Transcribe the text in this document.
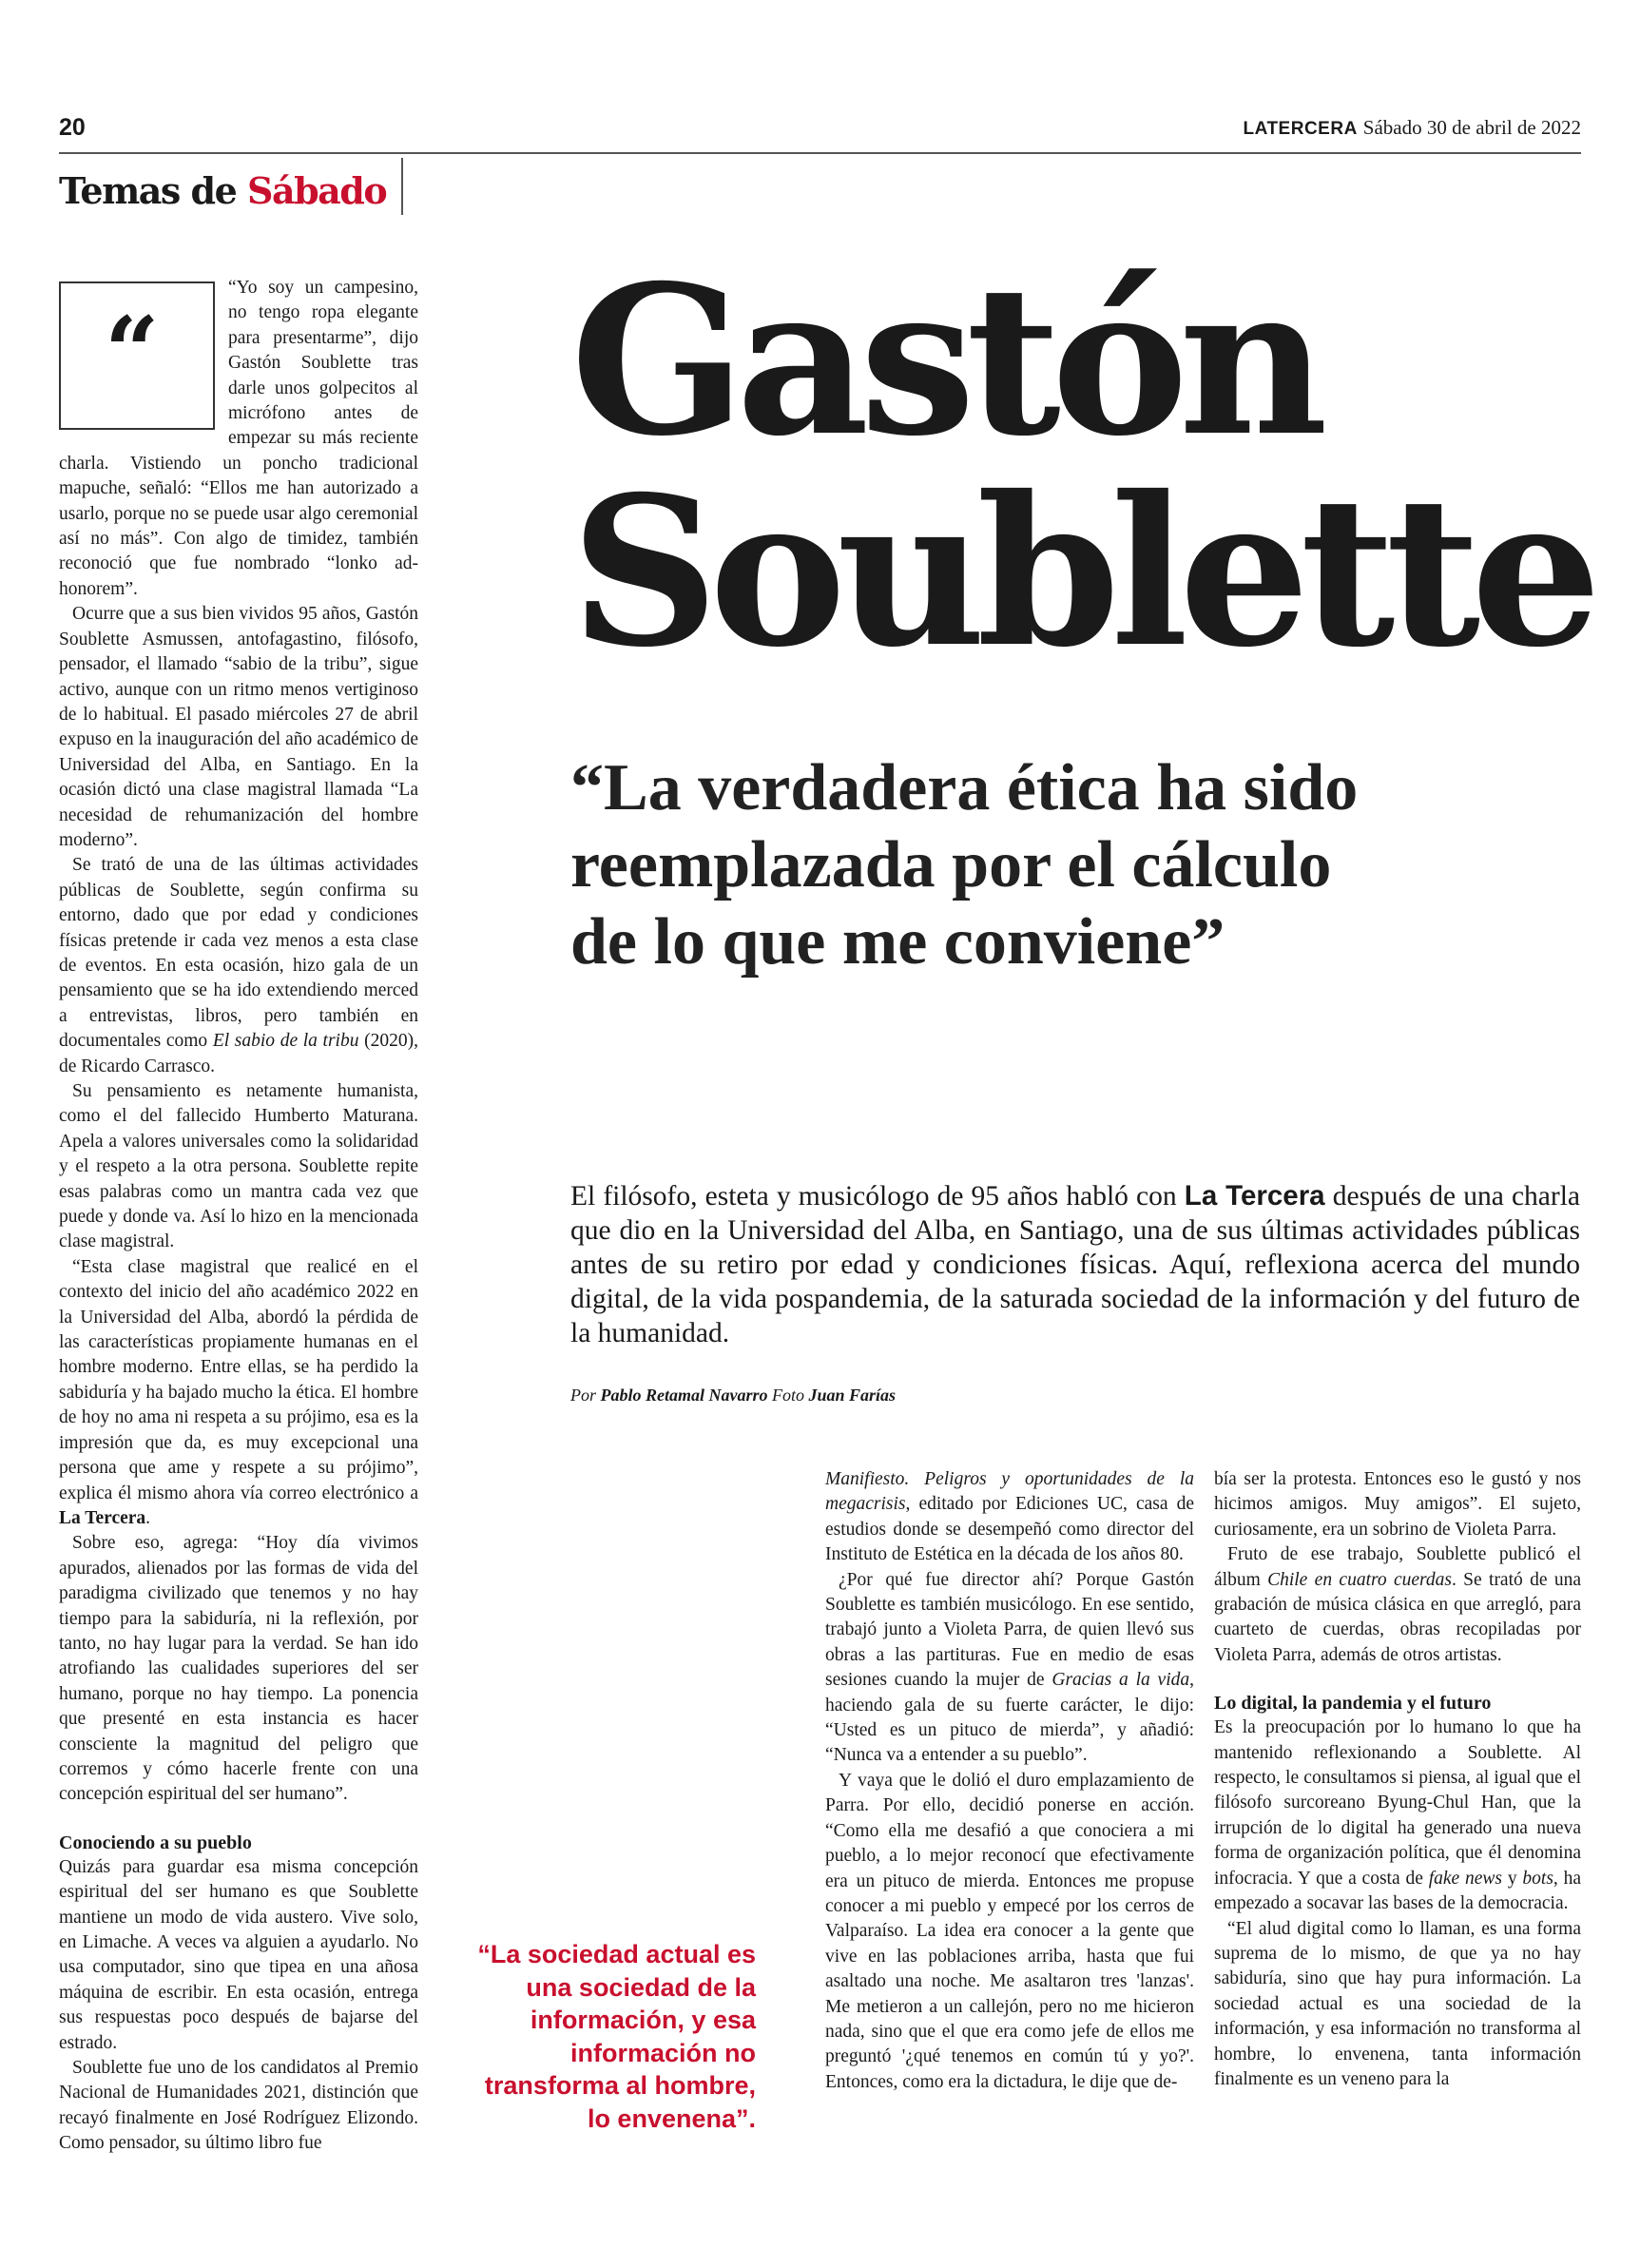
20	LATERCERA Sábado 30 de abril de 2022
Temas de Sábado
Gastón
Soublette
“La verdadera ética ha sido
reemplazada por el cálculo
de lo que me conviene”

El filósofo, esteta y musicólogo de 95 años habló con La Tercera después de una charla que dio en la Universidad del Alba, en Santiago, una de sus últimas actividades públicas antes de su retiro por edad y condiciones físicas. Aquí, reflexiona acerca del mundo digital, de la vida pospandemia, de la saturada sociedad de la información y del futuro de la humanidad.

Por Pablo Retamal Navarro Foto Juan Farías
“

“Yo soy un campesino, no tengo ropa elegante para presentarme”, dijo Gastón Soublette tras darle unos golpecitos al micrófono antes de empezar su más reciente charla. Vistiendo un poncho tradicional mapuche, señaló: “Ellos me han autorizado a usarlo, porque no se puede usar algo ceremonial así no más”. Con algo de timidez, también reconoció que fue nombrado “lonko ad-honorem”.

Ocurre que a sus bien vividos 95 años, Gastón Soublette Asmussen, antofagastino, filósofo, pensador, el llamado “sabio de la tribu”, sigue activo, aunque con un ritmo menos vertiginoso de lo habitual. El pasado miércoles 27 de abril expuso en la inauguración del año académico de Universidad del Alba, en Santiago. En la ocasión dictó una clase magistral llamada “La necesidad de rehumanización del hombre moderno”.

Se trató de una de las últimas actividades públicas de Soublette, según confirma su entorno, dado que por edad y condiciones físicas pretende ir cada vez menos a esta clase de eventos. En esta ocasión, hizo gala de un pensamiento que se ha ido extendiendo merced a entrevistas, libros, pero también en documentales como El sabio de la tribu (2020), de Ricardo Carrasco.

Su pensamiento es netamente humanista, como el del fallecido Humberto Maturana. Apela a valores universales como la solidaridad y el respeto a la otra persona. Soublette repite esas palabras como un mantra cada vez que puede y donde va. Así lo hizo en la mencionada clase magistral.

“Esta clase magistral que realicé en el contexto del inicio del año académico 2022 en la Universidad del Alba, abordó la pérdida de las características propiamente humanas en el hombre moderno. Entre ellas, se ha perdido la sabiduría y ha bajado mucho la ética. El hombre de hoy no ama ni respeta a su prójimo, esa es la impresión que da, es muy excepcional una persona que ame y respete a su prójimo”, explica él mismo ahora vía correo electrónico a La Tercera.

Sobre eso, agrega: “Hoy día vivimos apurados, alienados por las formas de vida del paradigma civilizado que tenemos y no hay tiempo para la sabiduría, ni la reflexión, por tanto, no hay lugar para la verdad. Se han ido atrofiando las cualidades superiores del ser humano, porque no hay tiempo. La ponencia que presenté en esta instancia es hacer consciente la magnitud del peligro que corremos y cómo hacerle frente con una concepción espiritual del ser humano”.

Conociendo a su pueblo

Quizás para guardar esa misma concepción espiritual del ser humano es que Soublette mantiene un modo de vida austero. Vive solo, en Limache. A veces va alguien a ayudarlo. No usa computador, sino que tipea en una añosa máquina de escribir. En esta ocasión, entrega sus respuestas poco después de bajarse del estrado.

Soublette fue uno de los candidatos al Premio Nacional de Humanidades 2021, distinción que recayó finalmente en José Rodríguez Elizondo. Como pensador, su último libro fue

“La sociedad actual es
una sociedad de la
información, y esa
información no
transforma al hombre,
lo envenena”.

Manifiesto. Peligros y oportunidades de la megacrisis, editado por Ediciones UC, casa de estudios donde se desempeñó como director del Instituto de Estética en la década de los años 80.

¿Por qué fue director ahí? Porque Gastón Soublette es también musicólogo. En ese sentido, trabajó junto a Violeta Parra, de quien llevó sus obras a las partituras. Fue en medio de esas sesiones cuando la mujer de Gracias a la vida, haciendo gala de su fuerte carácter, le dijo: “Usted es un pituco de mierda”, y añadió: “Nunca va a entender a su pueblo”.

Y vaya que le dolió el duro emplazamiento de Parra. Por ello, decidió ponerse en acción. “Como ella me desafió a que conociera a mi pueblo, a lo mejor reconocí que efectivamente era un pituco de mierda. Entonces me propuse conocer a mi pueblo y empecé por los cerros de Valparaíso. La idea era conocer a la gente que vive en las poblaciones arriba, hasta que fui asaltado una noche. Me asaltaron tres 'lanzas'. Me metieron a un callejón, pero no me hicieron nada, sino que el que era como jefe de ellos me preguntó '¿qué tenemos en común tú y yo?'. Entonces, como era la dictadura, le dije que de-

bía ser la protesta. Entonces eso le gustó y nos hicimos amigos. Muy amigos”. El sujeto, curiosamente, era un sobrino de Violeta Parra.

Fruto de ese trabajo, Soublette publicó el álbum Chile en cuatro cuerdas. Se trató de una grabación de música clásica en que arregló, para cuarteto de cuerdas, obras recopiladas por Violeta Parra, además de otros artistas.

Lo digital, la pandemia y el futuro

Es la preocupación por lo humano lo que ha mantenido reflexionando a Soublette. Al respecto, le consultamos si piensa, al igual que el filósofo surcoreano Byung-Chul Han, que la irrupción de lo digital ha generado una nueva forma de organización política, que él denomina infocracia. Y que a costa de fake news y bots, ha empezado a socavar las bases de la democracia.

“El alud digital como lo llaman, es una forma suprema de lo mismo, de que ya no hay sabiduría, sino que hay pura información. La sociedad actual es una sociedad de la información, y esa información no transforma al hombre, lo envenena, tanta información finalmente es un veneno para la
